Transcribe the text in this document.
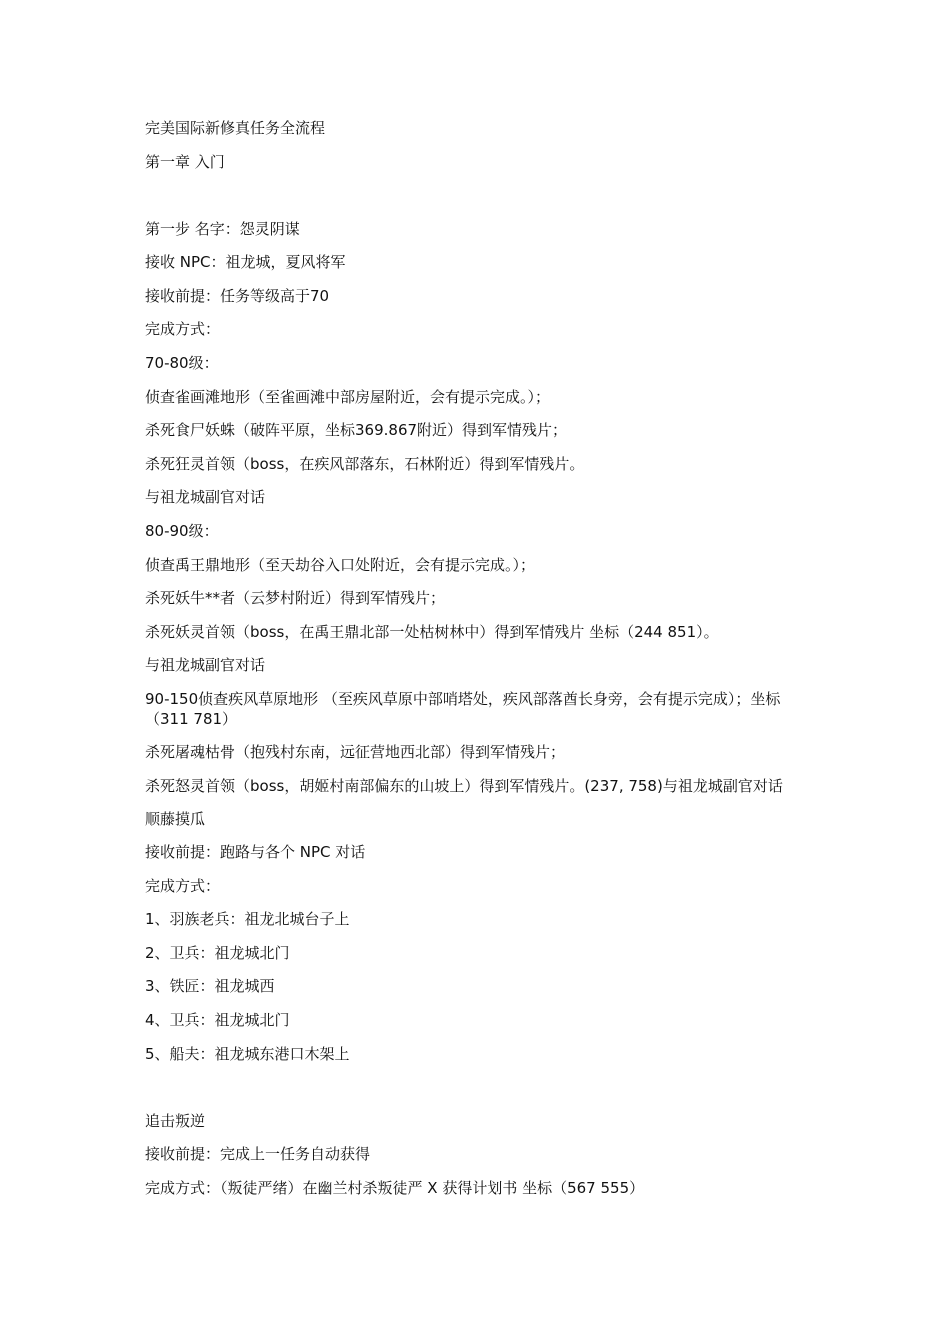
完美国际新修真任务全流程
第一章 入门
第一步 名字：怨灵阴谋
接收 NPC：祖龙城，夏风将军
接收前提：任务等级高于70
完成方式：
70-80级：
侦查雀画滩地形（至雀画滩中部房屋附近，会有提示完成。）；
杀死食尸妖蛛（破阵平原，坐标369.867附近）得到军情残片；
杀死狂灵首领（boss，在疾风部落东，石林附近）得到军情残片。
与祖龙城副官对话
80-90级：
侦查禹王鼎地形（至天劫谷入口处附近，会有提示完成。）；
杀死妖牛**者（云梦村附近）得到军情残片；
杀死妖灵首领（boss，在禹王鼎北部一处枯树林中）得到军情残片 坐标（244 851）。
与祖龙城副官对话
90-150侦查疾风草原地形 （至疾风草原中部哨塔处，疾风部落酋长身旁，会有提示完成）；坐标（311 781）
杀死屠魂枯骨（抱残村东南，远征营地西北部）得到军情残片；
杀死怒灵首领（boss，胡姬村南部偏东的山坡上）得到军情残片。(237, 758)与祖龙城副官对话
顺藤摸瓜
接收前提：跑路与各个 NPC 对话
完成方式：
1、羽族老兵：祖龙北城台子上
2、卫兵：祖龙城北门
3、铁匠：祖龙城西
4、卫兵：祖龙城北门
5、船夫：祖龙城东港口木架上
追击叛逆
接收前提：完成上一任务自动获得
完成方式：（叛徒严绪）在幽兰村杀叛徒严 X 获得计划书 坐标（567 555）
